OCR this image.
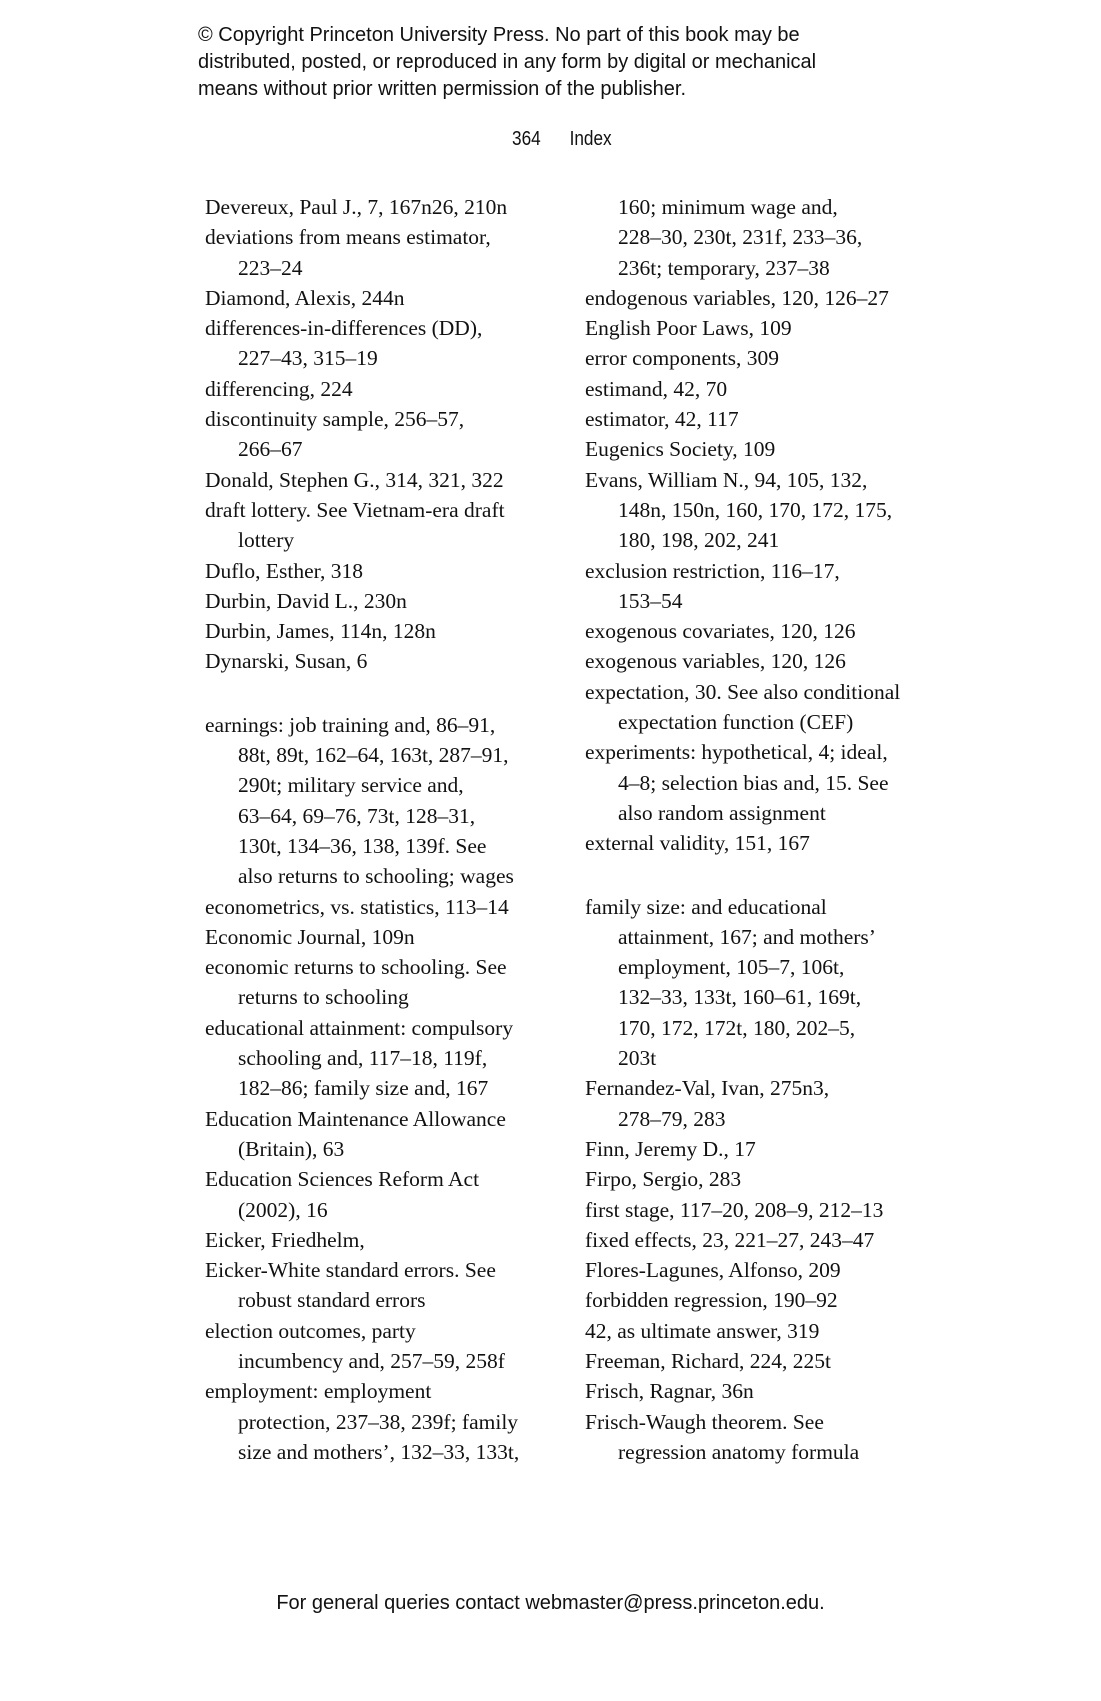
© Copyright Princeton University Press. No part of this book may be
distributed, posted, or reproduced in any form by digital or mechanical
means without prior written permission of the publisher.
364 Index
Devereux, Paul J., 7, 167n26, 210n
deviations from means estimator,
223–24
Diamond, Alexis, 244n
differences-in-differences (DD),
227–43, 315–19
differencing, 224
discontinuity sample, 256–57,
266–67
Donald, Stephen G., 314, 321, 322
draft lottery. See Vietnam-era draft
lottery
Duflo, Esther, 318
Durbin, David L., 230n
Durbin, James, 114n, 128n
Dynarski, Susan, 6
earnings: job training and, 86–91,
88t, 89t, 162–64, 163t, 287–91,
290t; military service and,
63–64, 69–76, 73t, 128–31,
130t, 134–36, 138, 139f. See
also returns to schooling; wages
econometrics, vs. statistics, 113–14
Economic Journal, 109n
economic returns to schooling. See
returns to schooling
educational attainment: compulsory
schooling and, 117–18, 119f,
182–86; family size and, 167
Education Maintenance Allowance
(Britain), 63
Education Sciences Reform Act
(2002), 16
Eicker, Friedhelm,
Eicker-White standard errors. See
robust standard errors
election outcomes, party
incumbency and, 257–59, 258f
employment: employment
protection, 237–38, 239f; family
size and mothers’, 132–33, 133t,
160; minimum wage and,
228–30, 230t, 231f, 233–36,
236t; temporary, 237–38
endogenous variables, 120, 126–27
English Poor Laws, 109
error components, 309
estimand, 42, 70
estimator, 42, 117
Eugenics Society, 109
Evans, William N., 94, 105, 132,
148n, 150n, 160, 170, 172, 175,
180, 198, 202, 241
exclusion restriction, 116–17,
153–54
exogenous covariates, 120, 126
exogenous variables, 120, 126
expectation, 30. See also conditional
expectation function (CEF)
experiments: hypothetical, 4; ideal,
4–8; selection bias and, 15. See
also random assignment
external validity, 151, 167
family size: and educational
attainment, 167; and mothers’
employment, 105–7, 106t,
132–33, 133t, 160–61, 169t,
170, 172, 172t, 180, 202–5,
203t
Fernandez-Val, Ivan, 275n3,
278–79, 283
Finn, Jeremy D., 17
Firpo, Sergio, 283
first stage, 117–20, 208–9, 212–13
fixed effects, 23, 221–27, 243–47
Flores-Lagunes, Alfonso, 209
forbidden regression, 190–92
42, as ultimate answer, 319
Freeman, Richard, 224, 225t
Frisch, Ragnar, 36n
Frisch-Waugh theorem. See
regression anatomy formula
For general queries contact webmaster@press.princeton.edu.
